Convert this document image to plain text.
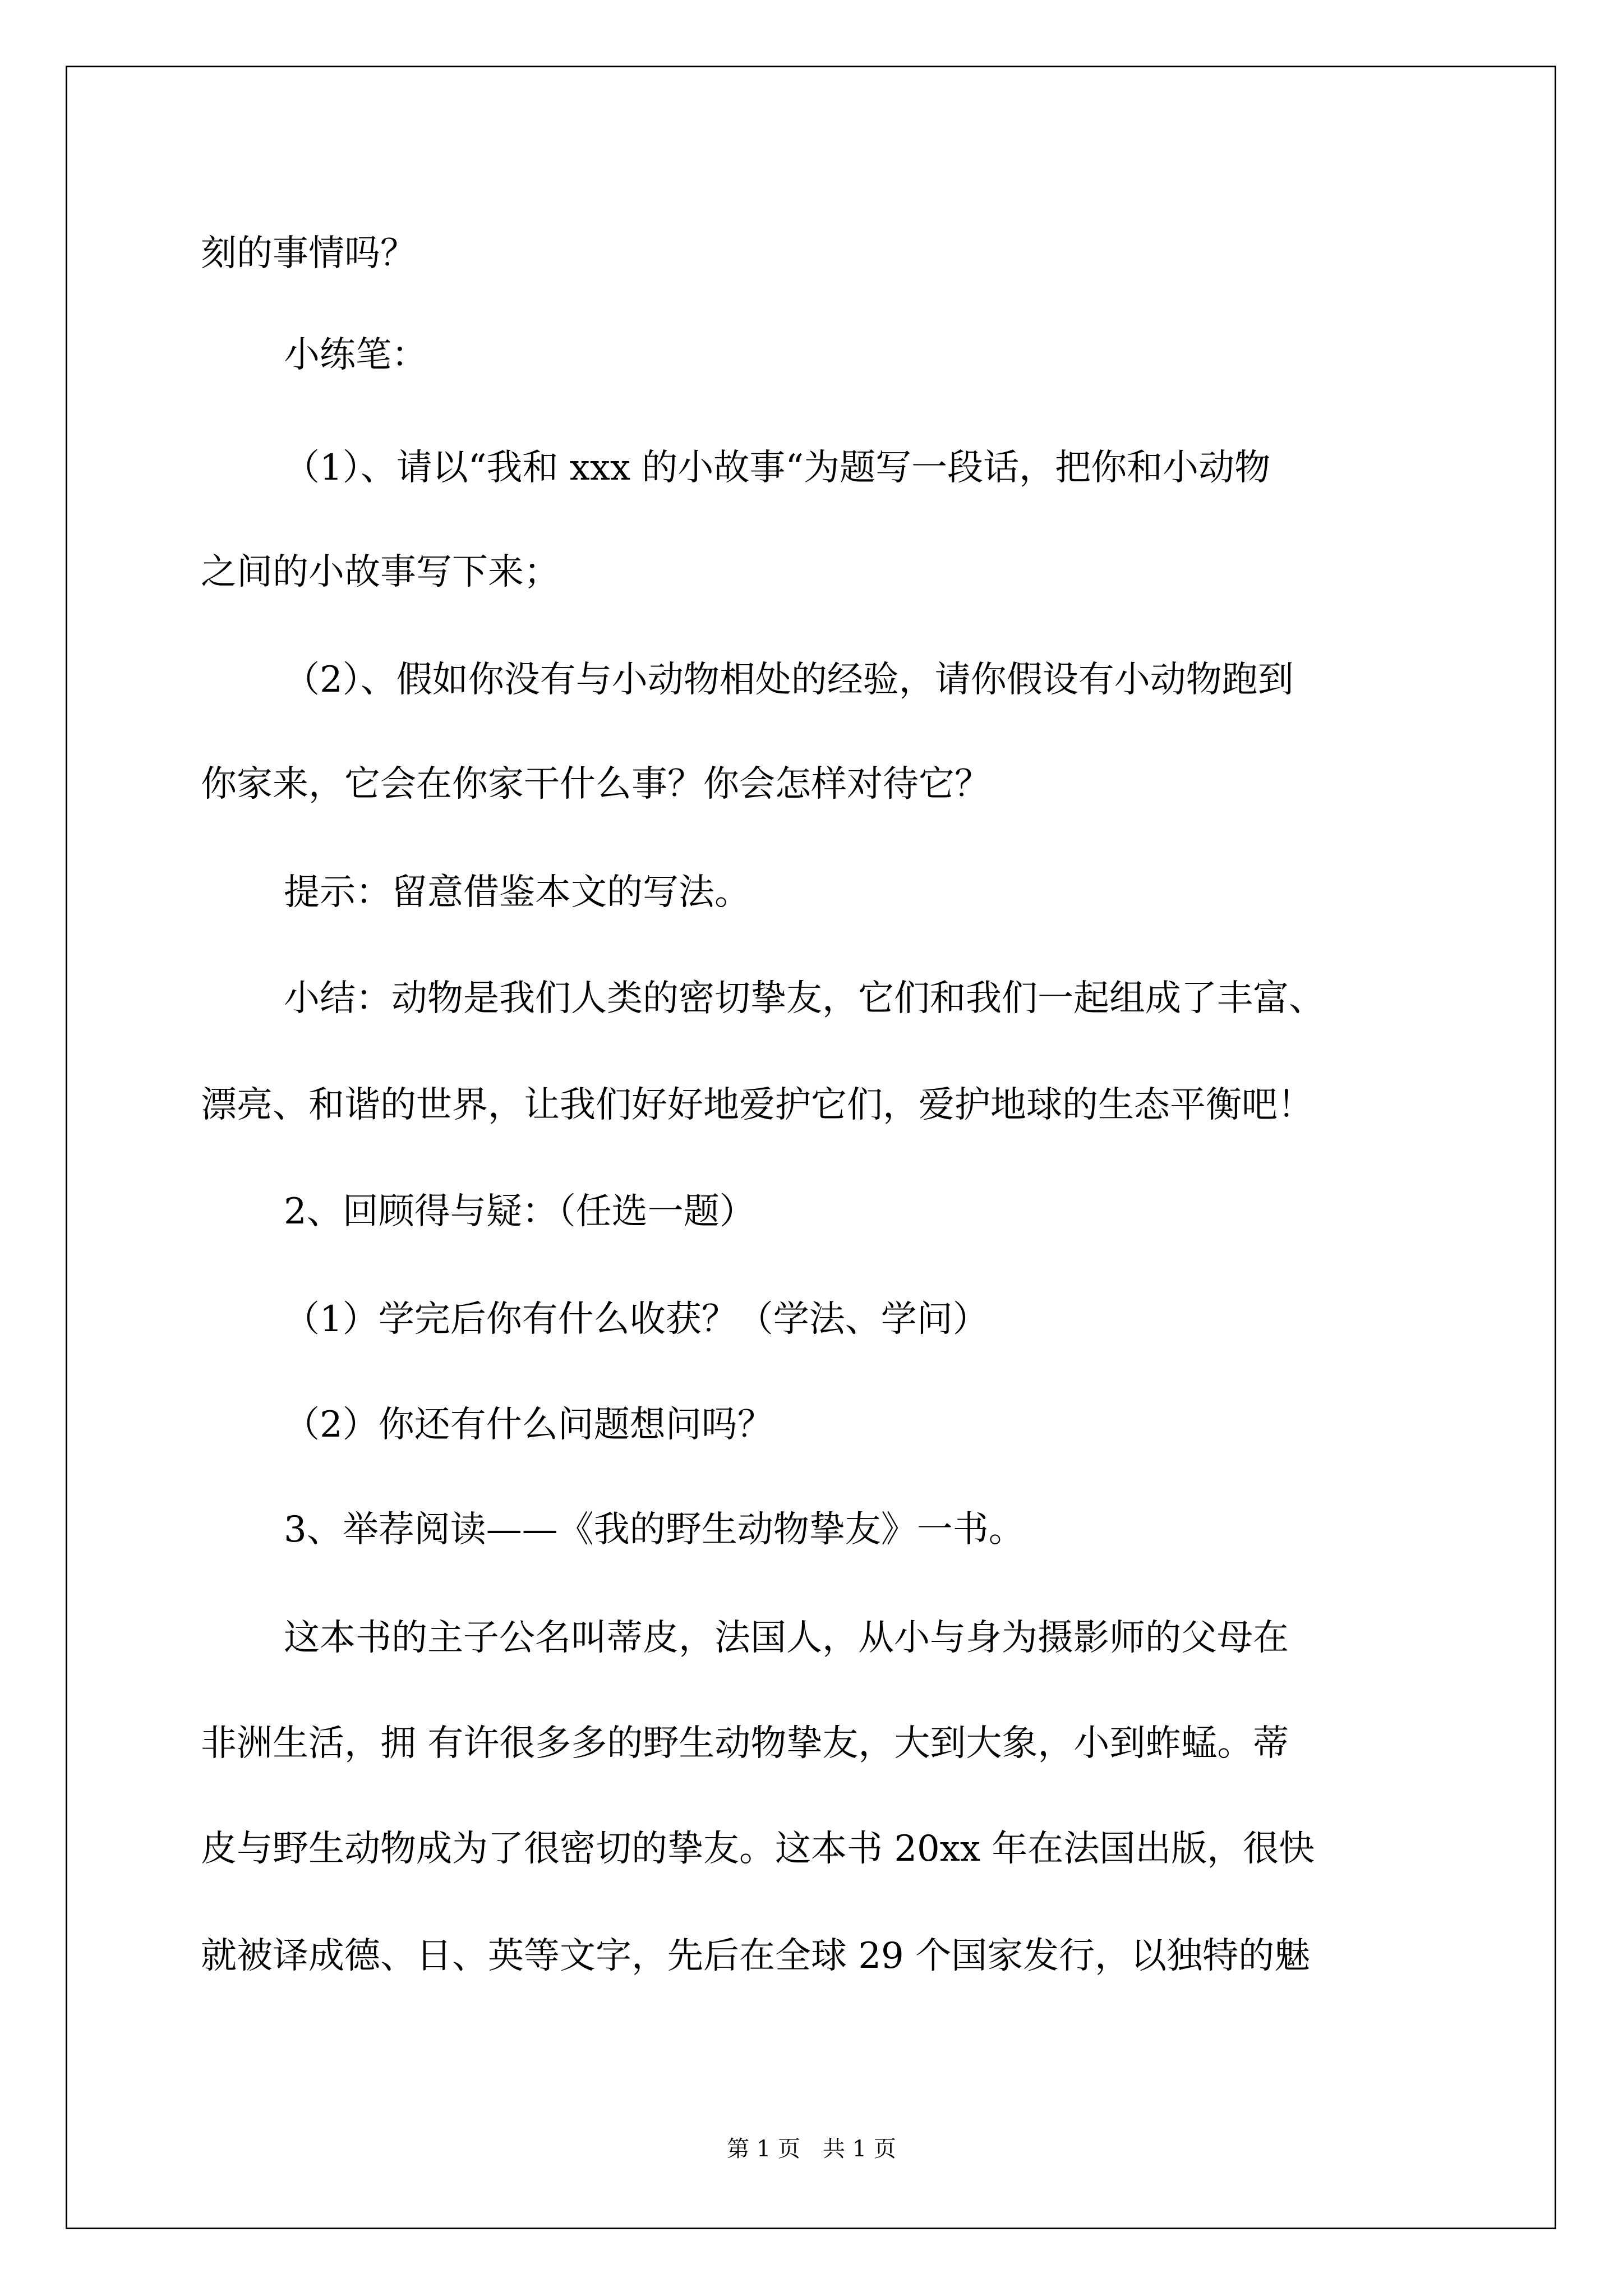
刻的事情吗？
小练笔：
（1）、请以“我和 xxx 的小故事“为题写一段话，把你和小动物
之间的小故事写下来；
（2）、假如你没有与小动物相处的经验，请你假设有小动物跑到
你家来，它会在你家干什么事？你会怎样对待它？
提示：留意借鉴本文的写法。
小结：动物是我们人类的密切挚友，它们和我们一起组成了丰富、
漂亮、和谐的世界，让我们好好地爱护它们，爱护地球的生态平衡吧！
2、回顾得与疑：（任选一题）
（1）学完后你有什么收获？（学法、学问）
（2）你还有什么问题想问吗？
3、举荐阅读——《我的野生动物挚友》一书。
这本书的主子公名叫蒂皮，法国人，从小与身为摄影师的父母在
非洲生活，拥 有许很多多的野生动物挚友，大到大象，小到蚱蜢。蒂
皮与野生动物成为了很密切的挚友。这本书 20xx 年在法国出版，很快
就被译成德、日、英等文字，先后在全球 29 个国家发行，以独特的魅
第 1 页　共 1 页
